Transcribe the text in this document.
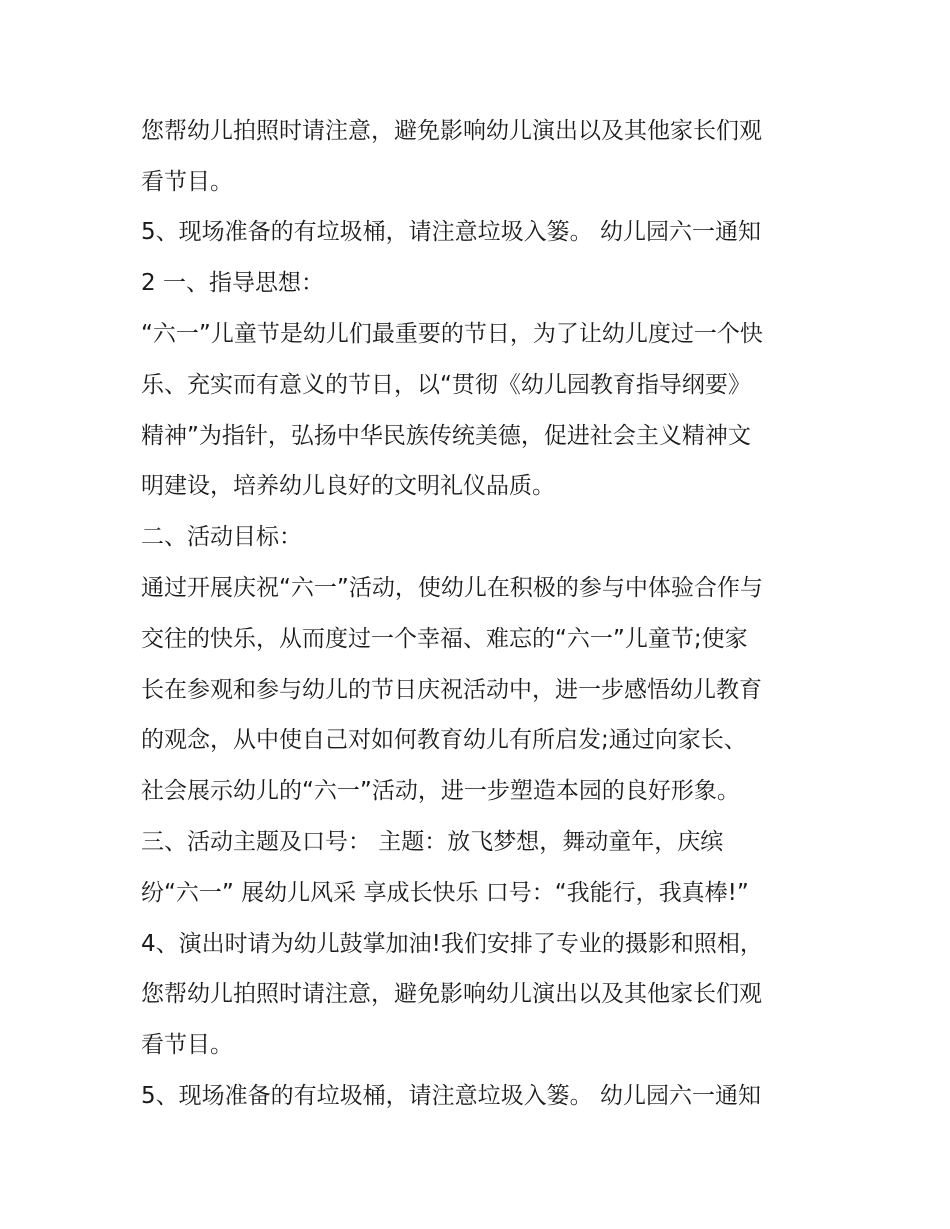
您帮幼儿拍照时请注意，避免影响幼儿演出以及其他家长们观
看节目。
5、现场准备的有垃圾桶，请注意垃圾入篓。 幼儿园六一通知
2 一、指导思想：
“六一”儿童节是幼儿们最重要的节日，为了让幼儿度过一个快
乐、充实而有意义的节日，以“贯彻《幼儿园教育指导纲要》
精神”为指针，弘扬中华民族传统美德，促进社会主义精神文
明建设，培养幼儿良好的文明礼仪品质。
二、活动目标：
通过开展庆祝“六一”活动，使幼儿在积极的参与中体验合作与
交往的快乐，从而度过一个幸福、难忘的“六一”儿童节;使家
长在参观和参与幼儿的节日庆祝活动中，进一步感悟幼儿教育
的观念，从中使自己对如何教育幼儿有所启发;通过向家长、
社会展示幼儿的“六一”活动，进一步塑造本园的良好形象。
三、活动主题及口号： 主题：放飞梦想，舞动童年，庆缤
纷“六一” 展幼儿风采 享成长快乐 口号：“我能行，我真棒!”
4、演出时请为幼儿鼓掌加油!我们安排了专业的摄影和照相，
您帮幼儿拍照时请注意，避免影响幼儿演出以及其他家长们观
看节目。
5、现场准备的有垃圾桶，请注意垃圾入篓。 幼儿园六一通知
